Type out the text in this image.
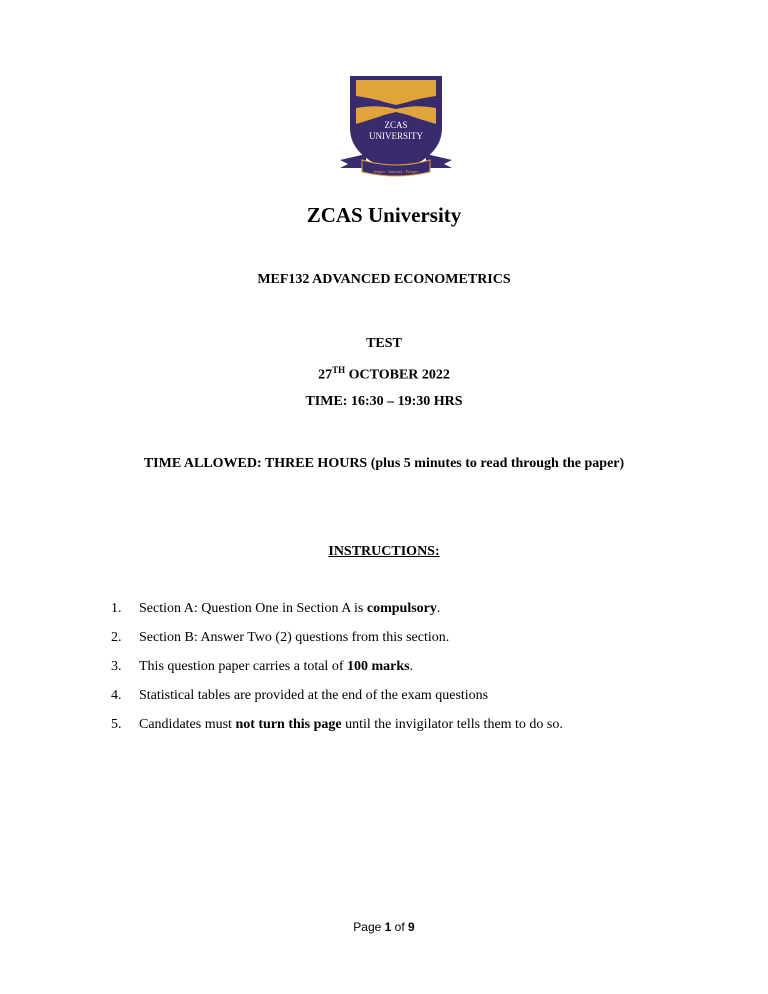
ZCAS
UNIVERSITY
Inspire · Innovate · Prosper
ZCAS University
MEF132 ADVANCED ECONOMETRICS
TEST
27TH OCTOBER 2022
TIME: 16:30 – 19:30 HRS
TIME ALLOWED: THREE HOURS (plus 5 minutes to read through the paper)
INSTRUCTIONS:
1. Section A: Question One in Section A is compulsory.
2. Section B: Answer Two (2) questions from this section.
3. This question paper carries a total of 100 marks.
4. Statistical tables are provided at the end of the exam questions
5. Candidates must not turn this page until the invigilator tells them to do so.
Page 1 of 9
